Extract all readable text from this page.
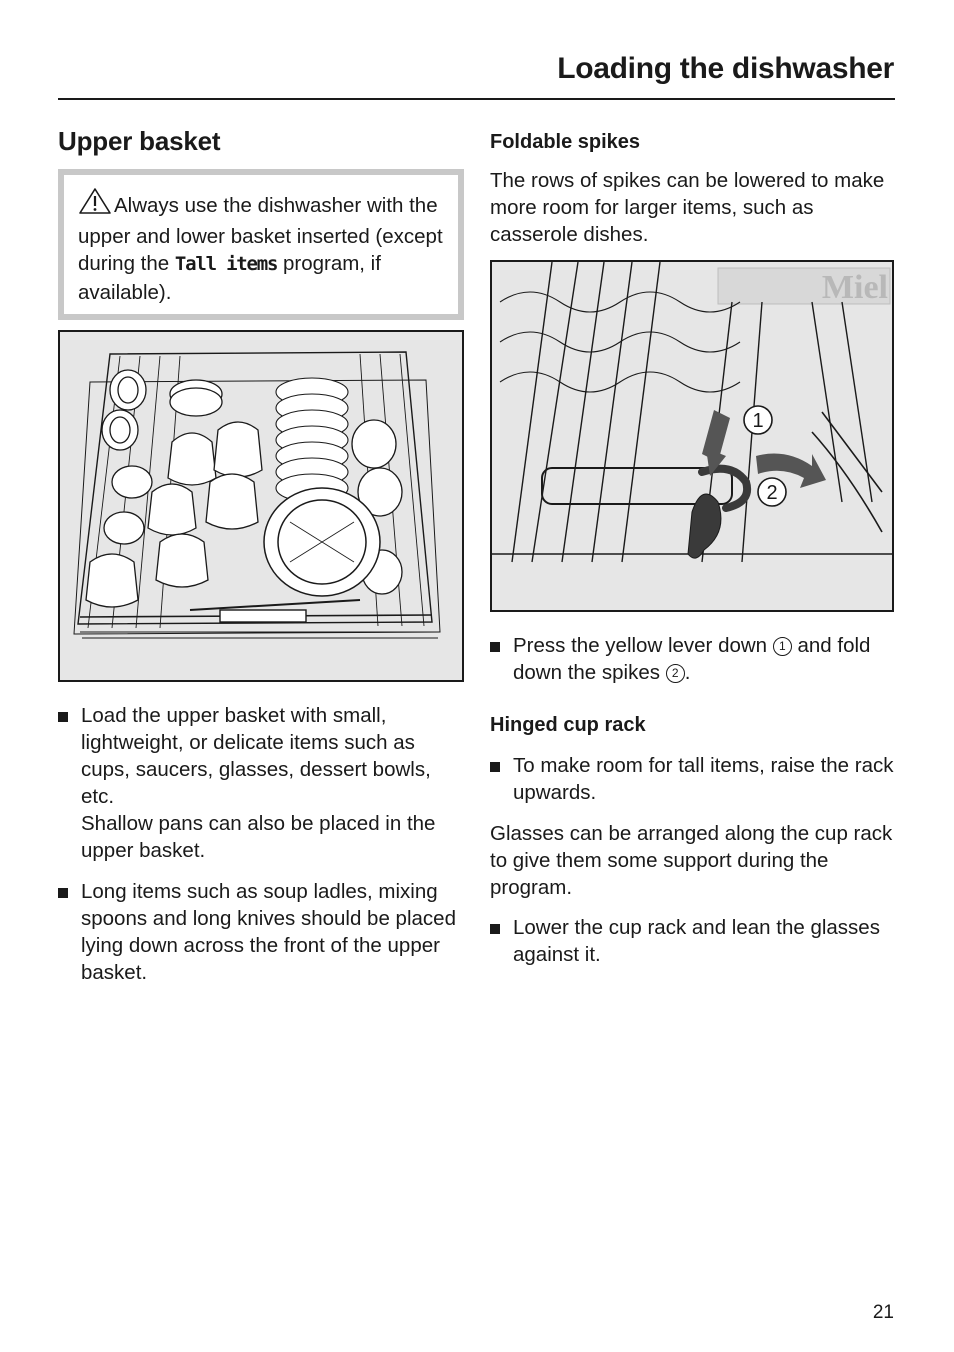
Loading the dishwasher
Upper basket
Always use the dishwasher with the upper and lower basket inserted (except during the Tall items program, if available).
Load the upper basket with small, lightweight, or delicate items such as cups, saucers, glasses, dessert bowls, etc.
Shallow pans can also be placed in the upper basket.
Long items such as soup ladles, mixing spoons and long knives should be placed lying down across the front of the upper basket.
Foldable spikes

The rows of spikes can be lowered to make more room for larger items, such as casserole dishes.

Miel
1
2
Press the yellow lever down 1 and fold down the spikes 2 .
Hinged cup rack
To make room for tall items, raise the rack upwards.

Glasses can be arranged along the cup rack to give them some support during the program.

Lower the cup rack and lean the glasses against it.
21
